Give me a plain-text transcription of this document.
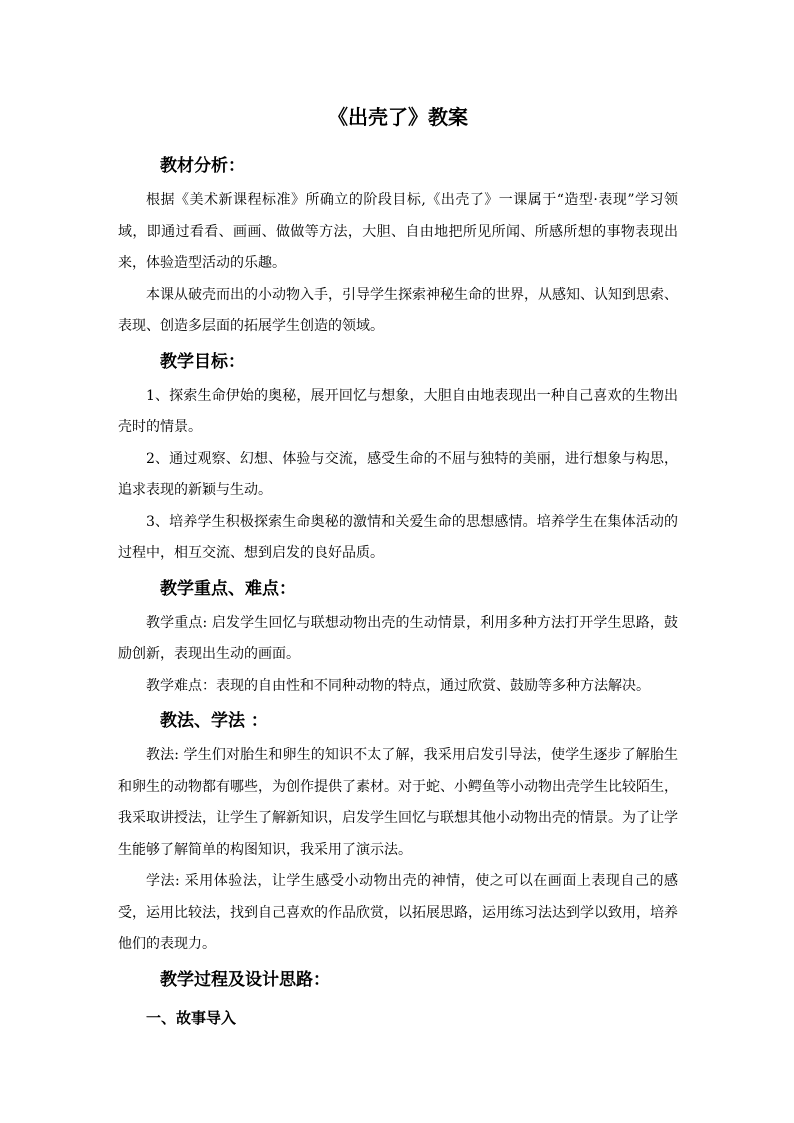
《出壳了》教案
教材分析：

根据《美术新课程标准》所确立的阶段目标,《出壳了》一课属于“造型·表现”学习领域，即通过看看、画画、做做等方法，大胆、自由地把所见所闻、所感所想的事物表现出来，体验造型活动的乐趣。

本课从破壳而出的小动物入手，引导学生探索神秘生命的世界，从感知、认知到思索、表现、创造多层面的拓展学生创造的领域。

教学目标：

1、探索生命伊始的奥秘，展开回忆与想象，大胆自由地表现出一种自己喜欢的生物出壳时的情景。

2、通过观察、幻想、体验与交流，感受生命的不屈与独特的美丽，进行想象与构思，追求表现的新颖与生动。

3、培养学生积极探索生命奥秘的激情和关爱生命的思想感情。培养学生在集体活动的过程中，相互交流、想到启发的良好品质。

教学重点、难点：

教学重点: 启发学生回忆与联想动物出壳的生动情景，利用多种方法打开学生思路，鼓励创新，表现出生动的画面。

教学难点：表现的自由性和不同种动物的特点，通过欣赏、鼓励等多种方法解决。

教法、学法 ：

教法: 学生们对胎生和卵生的知识不太了解，我采用启发引导法，使学生逐步了解胎生和卵生的动物都有哪些，为创作提供了素材。对于蛇、小鳄鱼等小动物出壳学生比较陌生，我采取讲授法，让学生了解新知识，启发学生回忆与联想其他小动物出壳的情景。为了让学生能够了解简单的构图知识，我采用了演示法。

学法: 采用体验法，让学生感受小动物出壳的神情，使之可以在画面上表现自己的感受，运用比较法，找到自己喜欢的作品欣赏，以拓展思路，运用练习法达到学以致用，培养他们的表现力。

教学过程及设计思路：
一、故事导入
